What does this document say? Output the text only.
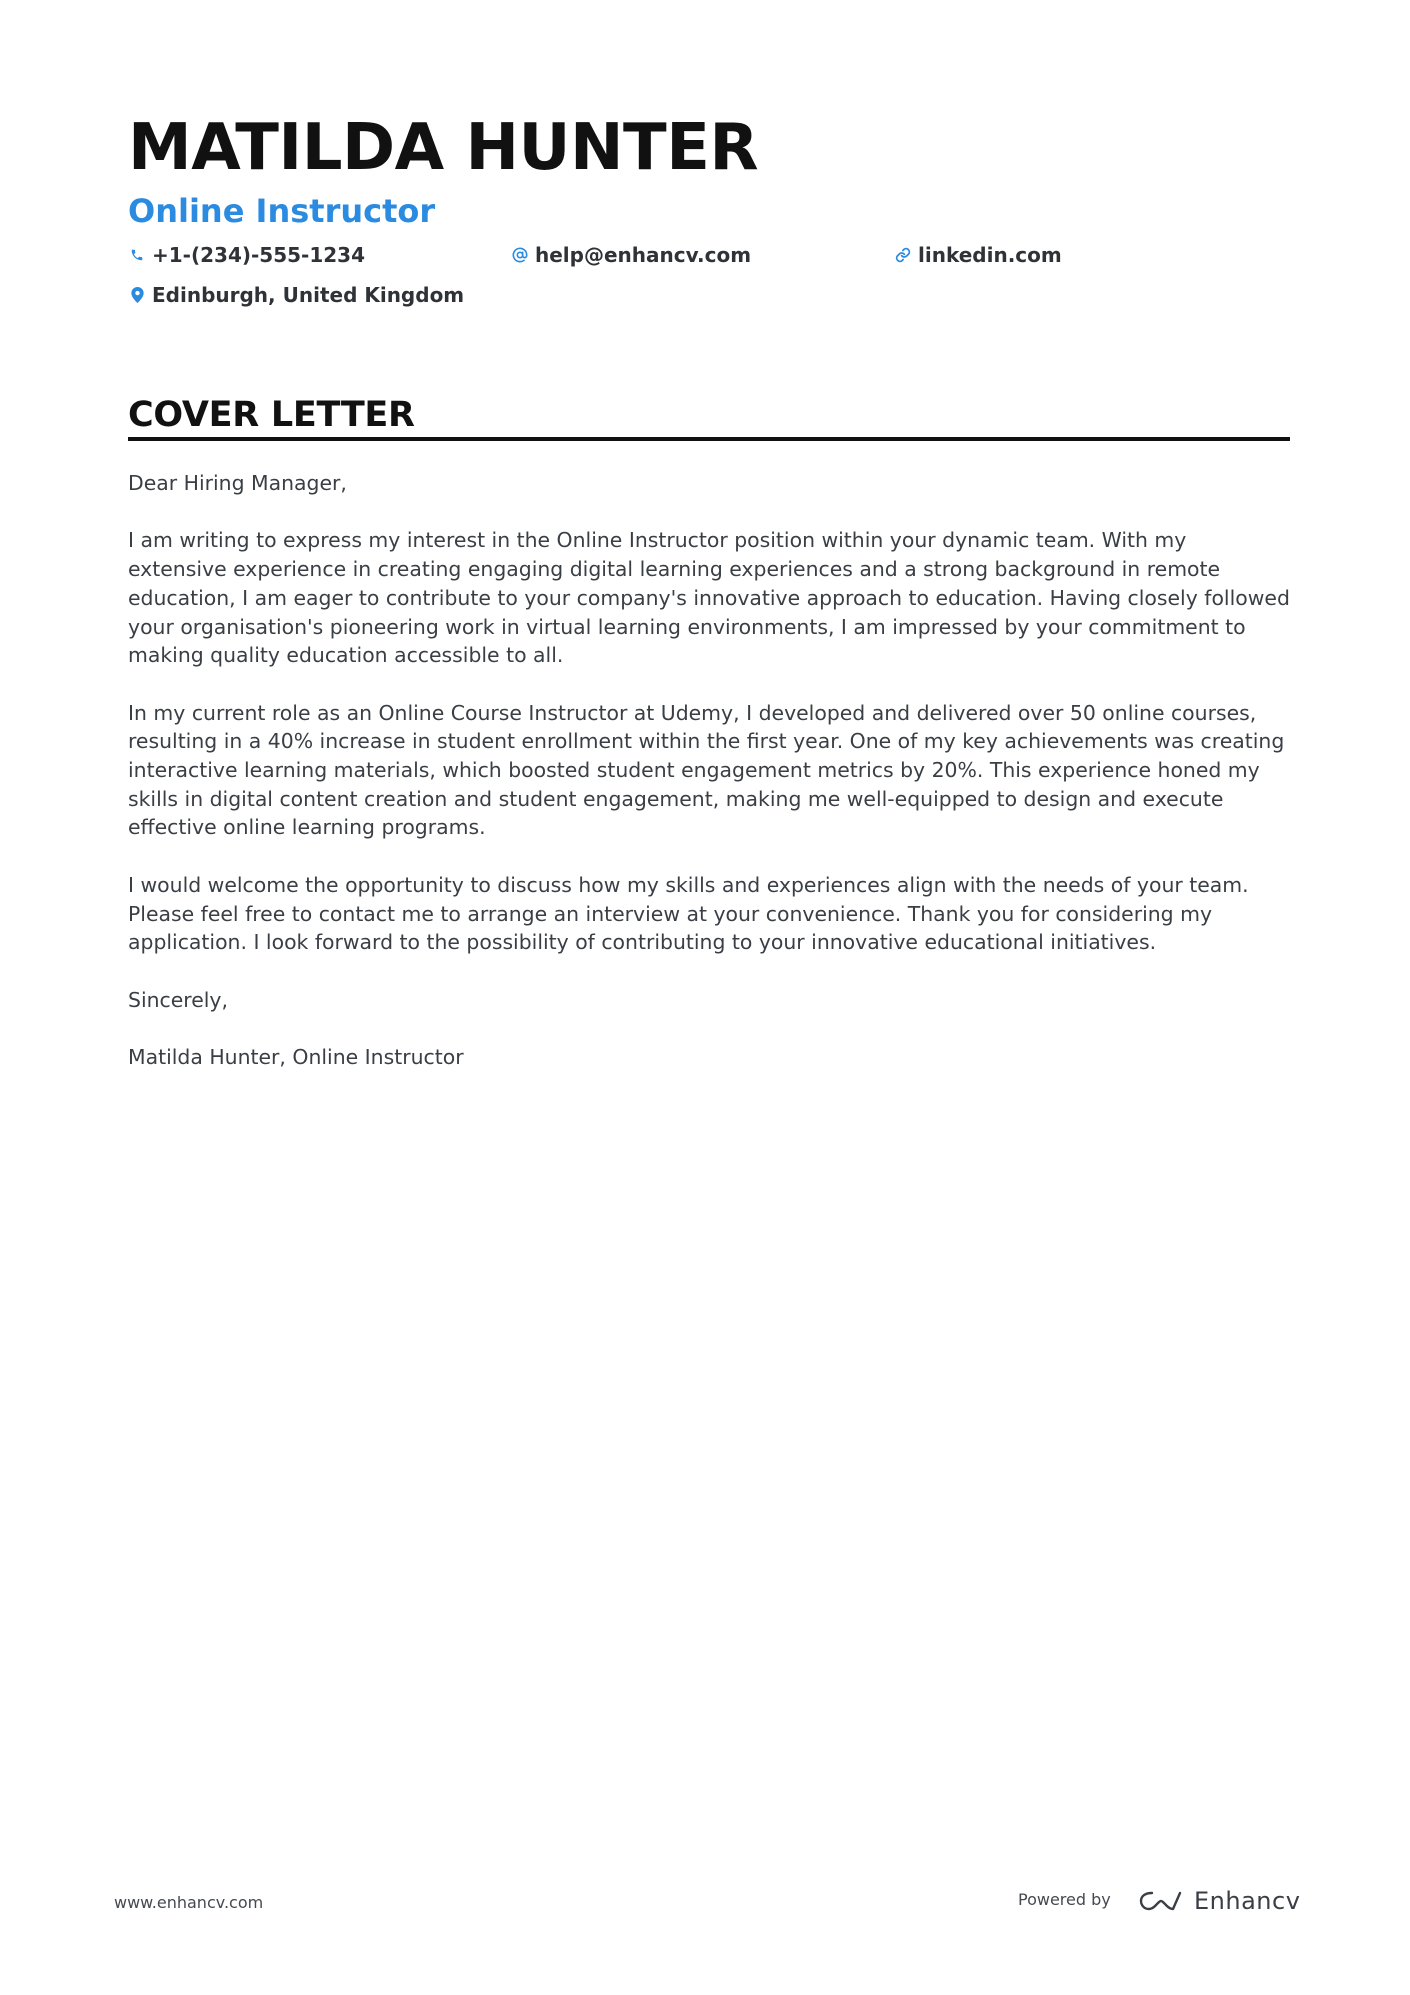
MATILDA HUNTER
Online Instructor
+1-(234)-555-1234	help@enhancv.com	linkedin.com
Edinburgh, United Kingdom
COVER LETTER

Dear Hiring Manager,

I am writing to express my interest in the Online Instructor position within your dynamic team. With my extensive experience in creating engaging digital learning experiences and a strong background in remote education, I am eager to contribute to your company's innovative approach to education. Having closely followed your organisation's pioneering work in virtual learning environments, I am impressed by your commitment to making quality education accessible to all.

In my current role as an Online Course Instructor at Udemy, I developed and delivered over 50 online courses, resulting in a 40% increase in student enrollment within the first year. One of my key achievements was creating interactive learning materials, which boosted student engagement metrics by 20%. This experience honed my skills in digital content creation and student engagement, making me well-equipped to design and execute effective online learning programs.

I would welcome the opportunity to discuss how my skills and experiences align with the needs of your team. Please feel free to contact me to arrange an interview at your convenience. Thank you for considering my application. I look forward to the possibility of contributing to your innovative educational initiatives.

Sincerely,

Matilda Hunter, Online Instructor

www.enhancv.com	Powered by	Enhancv
